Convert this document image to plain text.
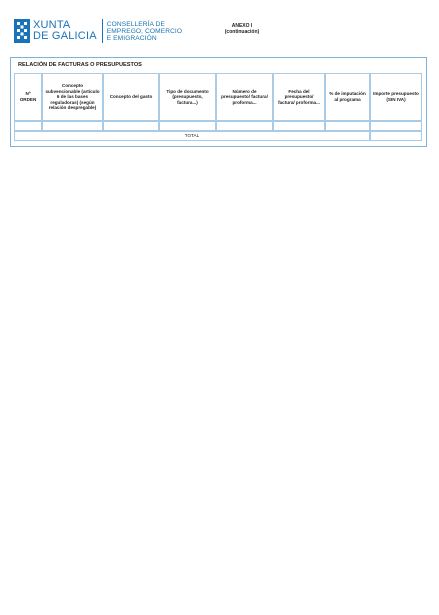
XUNTA
DE GALICIA
CONSELLERÍA DE
EMPREGO, COMERCIO
E EMIGRACIÓN
ANEXO I
(continuación)
RELACIÓN DE FACTURAS O PRESUPUESTOS
Nº ORDEN
Concepto subvencionable (artículo 6 de las bases reguladoras) (según relación despregable)
Concepto del gasto
Tipo de documento (presupuesto, factura...)
Número de presupuesto/ factura/ proforma...
Fecha del presupuesto/ factura/ proforma...
% de imputación al programa
Importe presupuesto (SIN IVA)
TOTAL
